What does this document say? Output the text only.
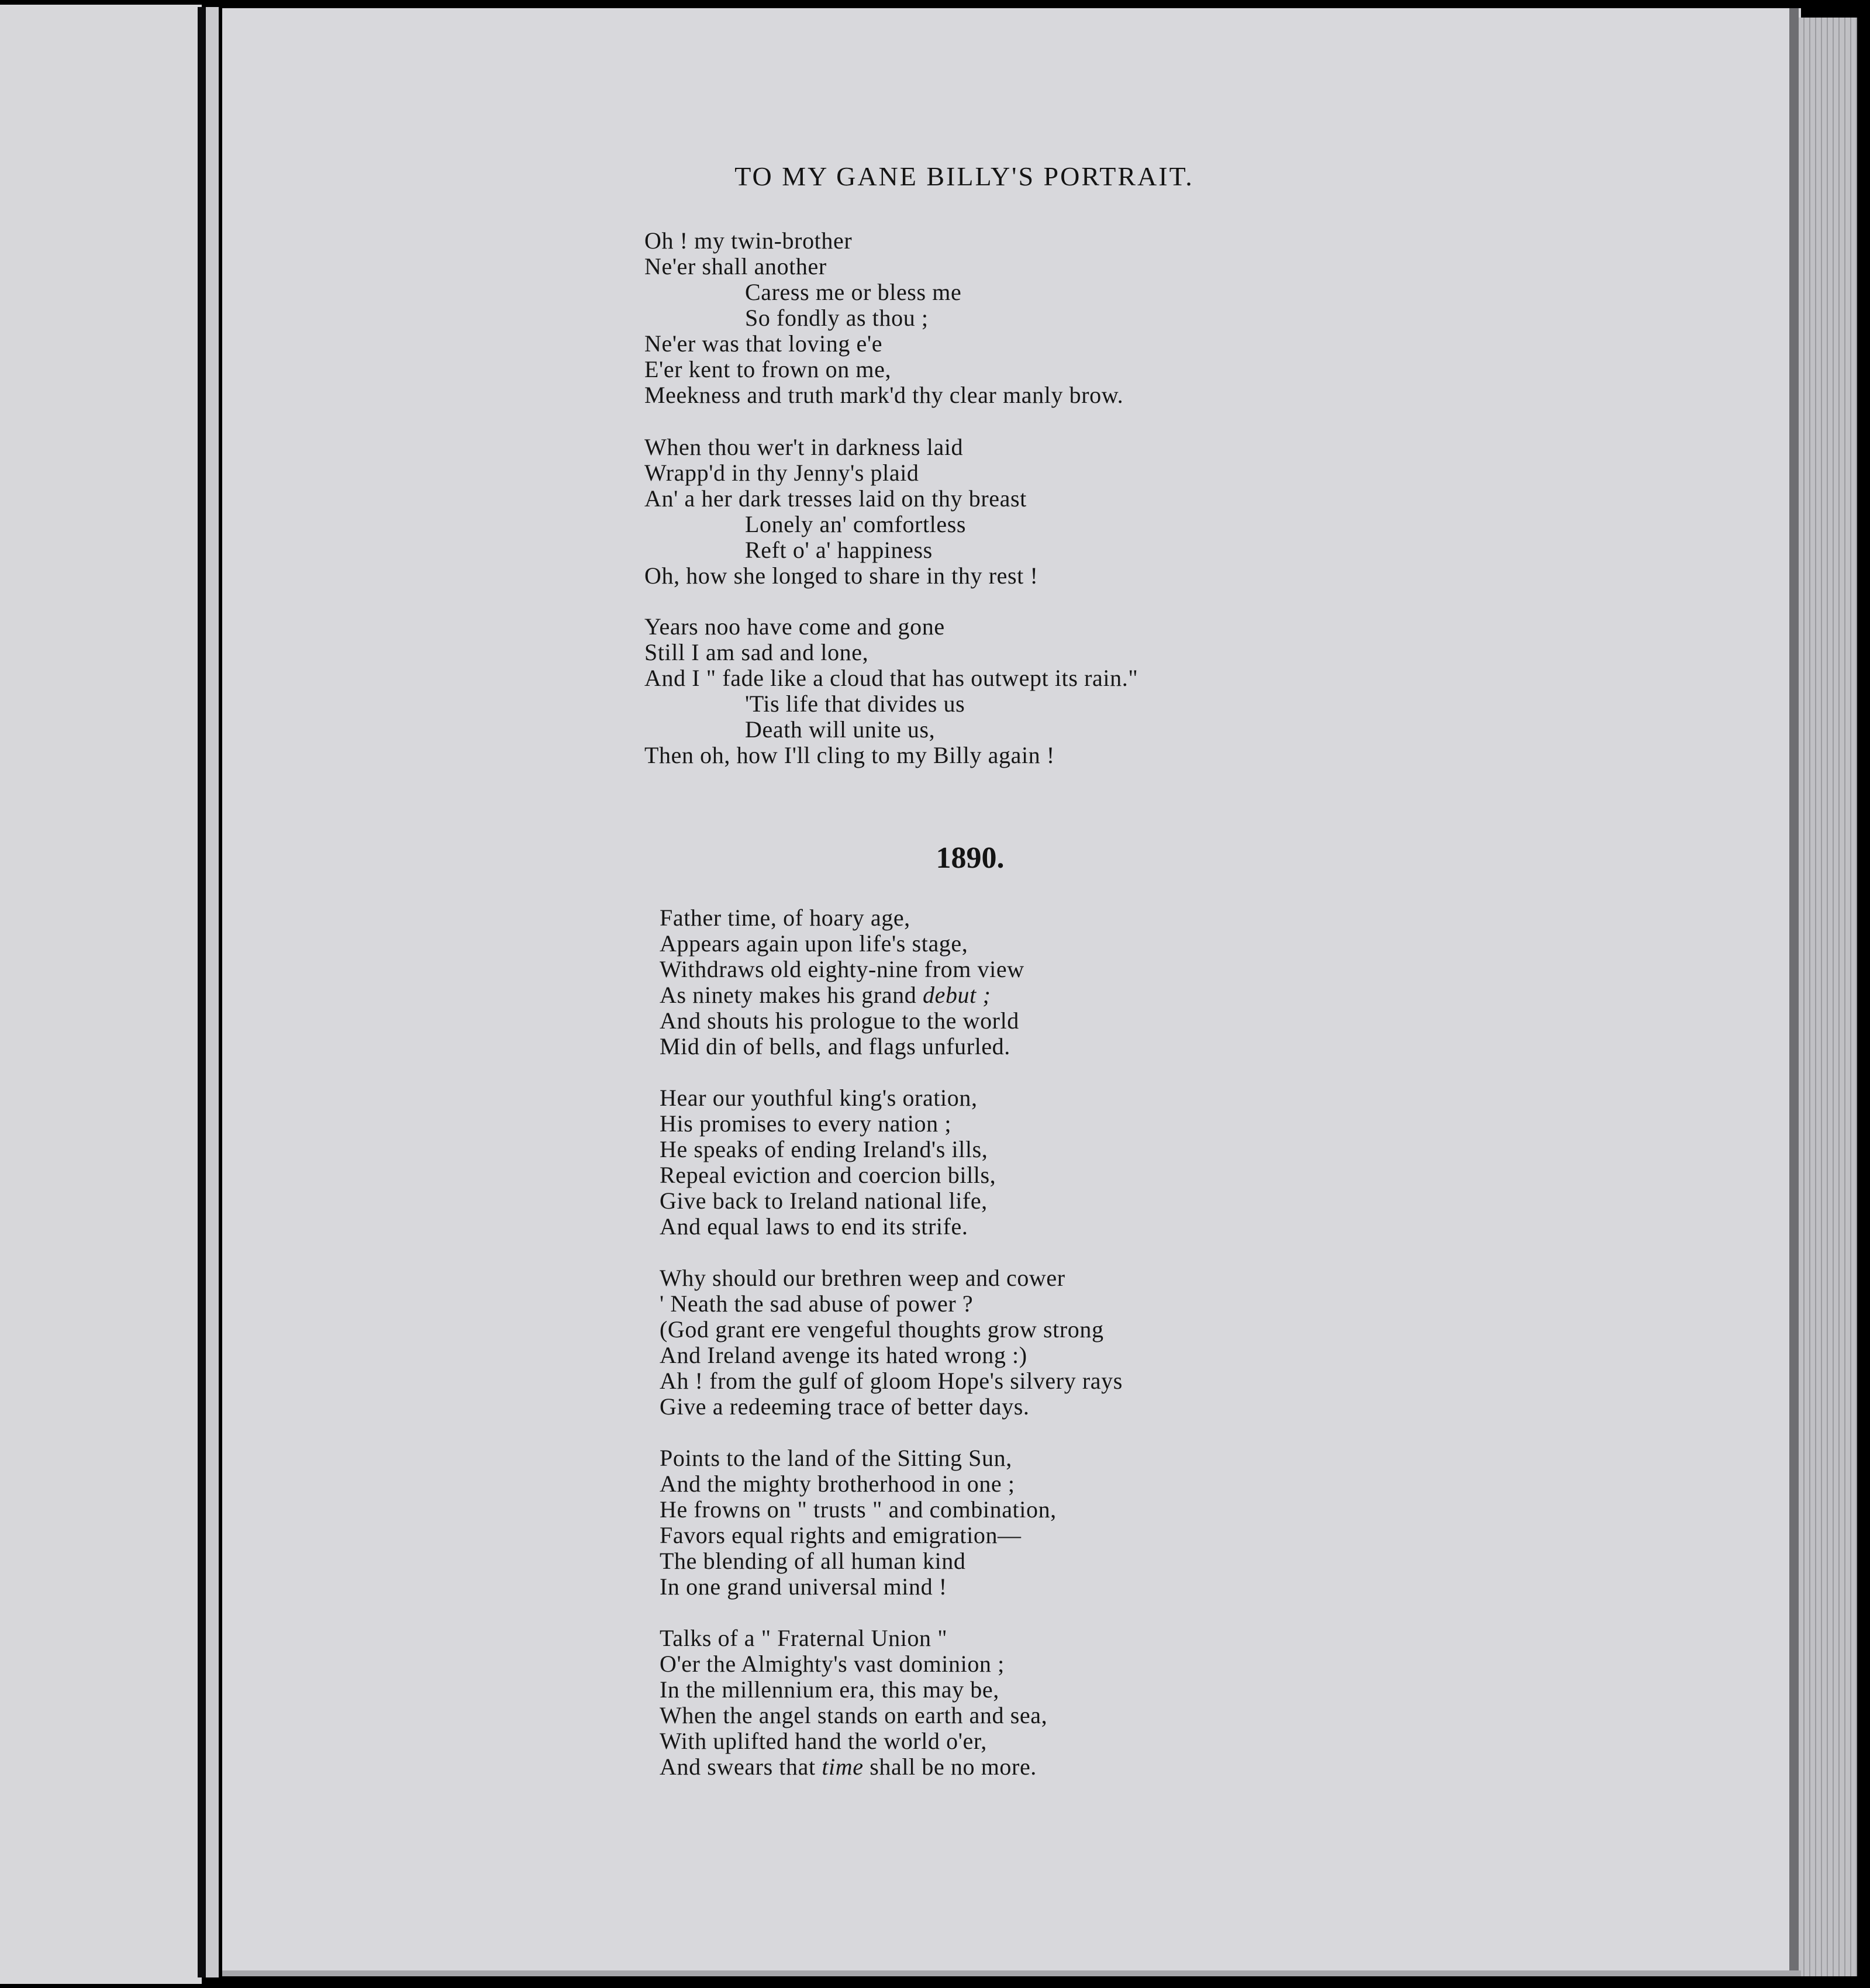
TO MY GANE BILLY'S PORTRAIT.
Oh ! my twin-brother
Ne'er shall another
Caress me or bless me
So fondly as thou ;
Ne'er was that loving e'e
E'er kent to frown on me,
Meekness and truth mark'd thy clear manly brow.
When thou wer't in darkness laid
Wrapp'd in thy Jenny's plaid
An' a her dark tresses laid on thy breast
Lonely an' comfortless
Reft o' a' happiness
Oh, how she longed to share in thy rest !
Years noo have come and gone
Still I am sad and lone,
And I " fade like a cloud that has outwept its rain."
'Tis life that divides us
Death will unite us,
Then oh, how I'll cling to my Billy again !
1890.
Father time, of hoary age,
Appears again upon life's stage,
Withdraws old eighty-nine from view
As ninety makes his grand debut ;
And shouts his prologue to the world
Mid din of bells, and flags unfurled.
Hear our youthful king's oration,
His promises to every nation ;
He speaks of ending Ireland's ills,
Repeal eviction and coercion bills,
Give back to Ireland national life,
And equal laws to end its strife.
Why should our brethren weep and cower
' Neath the sad abuse of power ?
(God grant ere vengeful thoughts grow strong
And Ireland avenge its hated wrong :)
Ah ! from the gulf of gloom Hope's silvery rays
Give a redeeming trace of better days.
Points to the land of the Sitting Sun,
And the mighty brotherhood in one ;
He frowns on " trusts " and combination,
Favors equal rights and emigration—
The blending of all human kind
In one grand universal mind !
Talks of a " Fraternal Union "
O'er the Almighty's vast dominion ;
In the millennium era, this may be,
When the angel stands on earth and sea,
With uplifted hand the world o'er,
And swears that time shall be no more.
